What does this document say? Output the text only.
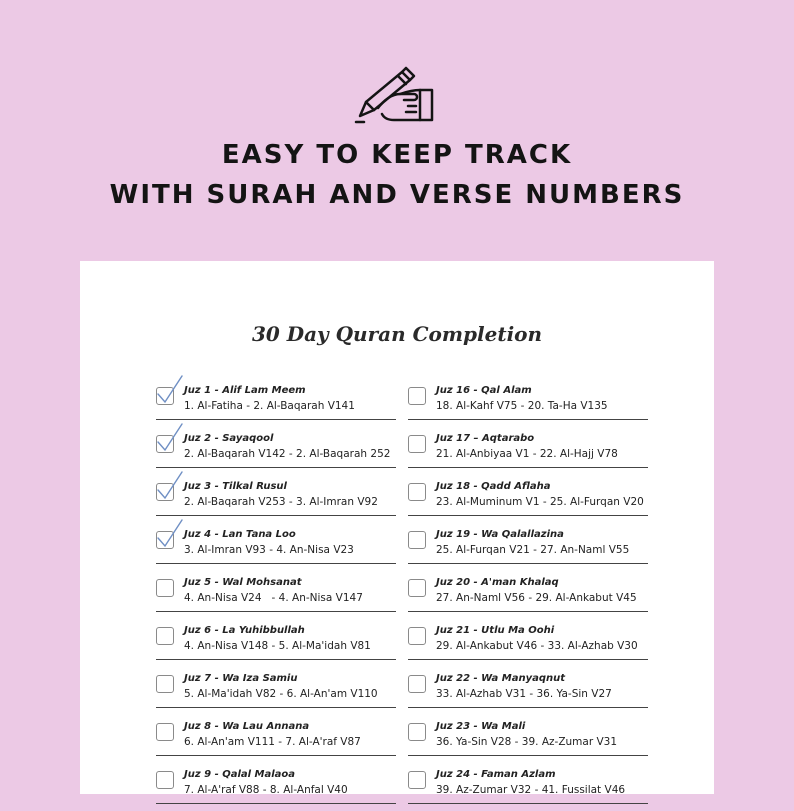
EASY TO KEEP TRACK
WITH SURAH AND VERSE NUMBERS
30 Day Quran Completion
Juz 1 - Alif Lam Meem
1. Al-Fatiha - 2. Al-Baqarah V141
Juz 2 - Sayaqool
2. Al-Baqarah V142 - 2. Al-Baqarah 252
Juz 3 - Tilkal Rusul
2. Al-Baqarah V253 - 3. Al-Imran V92
Juz 4 - Lan Tana Loo
3. Al-Imran V93 - 4. An-Nisa V23
Juz 5 - Wal Mohsanat
4. An-Nisa V24   - 4. An-Nisa V147
Juz 6 - La Yuhibbullah
4. An-Nisa V148 - 5. Al-Ma'idah V81
Juz 7 - Wa Iza Samiu
5. Al-Ma'idah V82 - 6. Al-An'am V110
Juz 8 - Wa Lau Annana
6. Al-An'am V111 - 7. Al-A'raf V87
Juz 9 - Qalal Malaoa
7. Al-A'raf V88 - 8. Al-Anfal V40
Juz 16 - Qal Alam
18. Al-Kahf V75 - 20. Ta-Ha V135
Juz 17 – Aqtarabo
21. Al-Anbiyaa V1 - 22. Al-Hajj V78
Juz 18 - Qadd Aflaha
23. Al-Muminum V1 - 25. Al-Furqan V20
Juz 19 - Wa Qalallazina
25. Al-Furqan V21 - 27. An-Naml V55
Juz 20 - A'man Khalaq
27. An-Naml V56 - 29. Al-Ankabut V45
Juz 21 - Utlu Ma Oohi
29. Al-Ankabut V46 - 33. Al-Azhab V30
Juz 22 - Wa Manyaqnut
33. Al-Azhab V31 - 36. Ya-Sin V27
Juz 23 - Wa Mali
36. Ya-Sin V28 - 39. Az-Zumar V31
Juz 24 - Faman Azlam
39. Az-Zumar V32 - 41. Fussilat V46
